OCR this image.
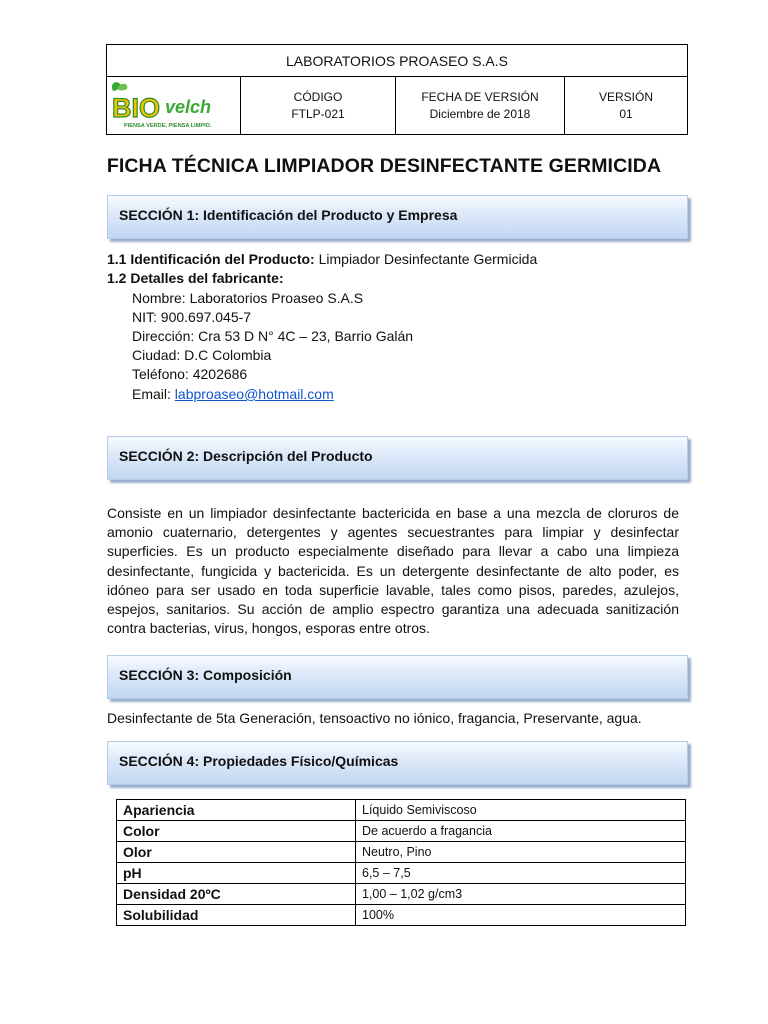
LABORATORIOS PROASEO S.A.S
BIO velch
PIENSA VERDE, PIENSA LIMPIO.
CÓDIGO
FTLP-021
FECHA DE VERSIÓN
Diciembre de 2018
VERSIÓN
01
FICHA TÉCNICA LIMPIADOR DESINFECTANTE GERMICIDA
SECCIÓN 1: Identificación del Producto y Empresa
1.1 Identificación del Producto: Limpiador Desinfectante Germicida
1.2 Detalles del fabricante:
Nombre: Laboratorios Proaseo S.A.S
NIT: 900.697.045-7
Dirección: Cra 53 D N° 4C – 23, Barrio Galán
Ciudad: D.C Colombia
Teléfono: 4202686
Email: labproaseo@hotmail.com
SECCIÓN 2: Descripción del Producto
Consiste en un limpiador desinfectante bactericida en base a una mezcla de cloruros de amonio cuaternario, detergentes y agentes secuestrantes para limpiar y desinfectar superficies. Es un producto especialmente diseñado para llevar a cabo una limpieza desinfectante, fungicida y bactericida. Es un detergente desinfectante de alto poder, es idóneo para ser usado en toda superficie lavable, tales como pisos, paredes, azulejos, espejos, sanitarios. Su acción de amplio espectro garantiza una adecuada sanitización contra bacterias, virus, hongos, esporas entre otros.
SECCIÓN 3: Composición
Desinfectante de 5ta Generación, tensoactivo no iónico, fragancia, Preservante, agua.
SECCIÓN 4: Propiedades Físico/Químicas
Apariencia	Líquido Semiviscoso
Color	De acuerdo a fragancia
Olor	Neutro, Pino
pH	6,5 – 7,5
Densidad 20ºC	1,00 – 1,02 g/cm3
Solubilidad	100%
